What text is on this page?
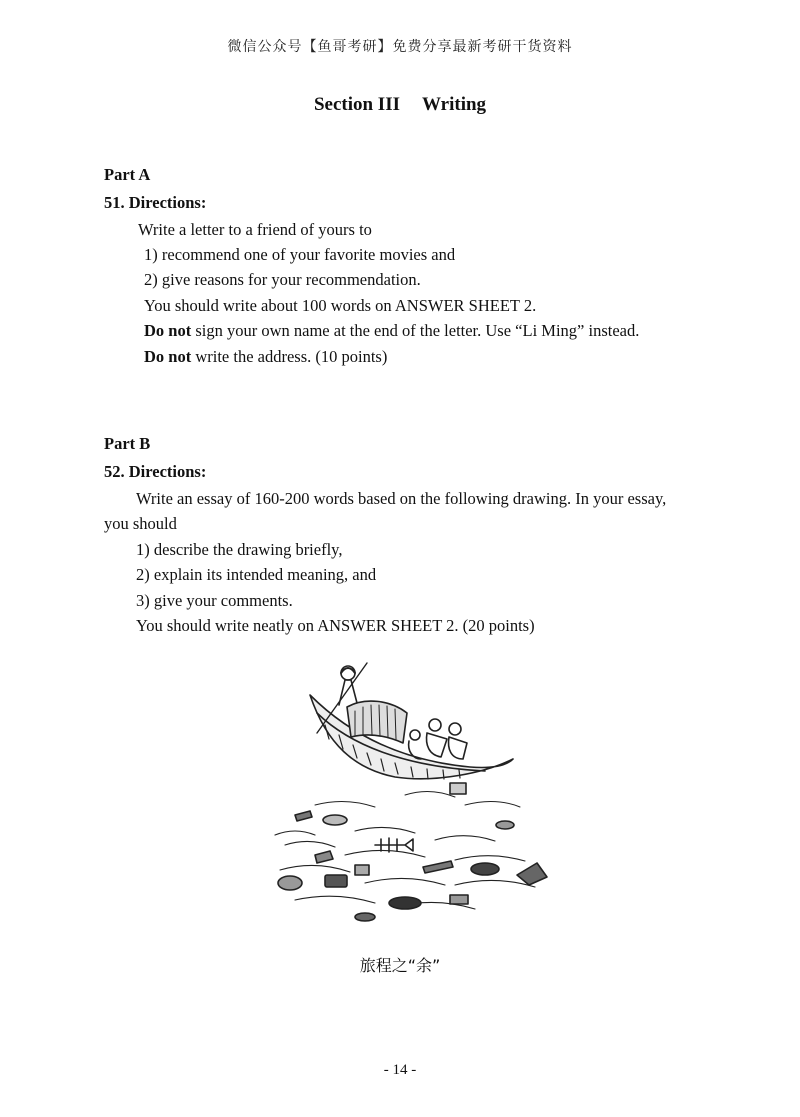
微信公众号【鱼哥考研】免费分享最新考研干货资料
Section III Writing
Part A
51. Directions:
Write a letter to a friend of yours to
1) recommend one of your favorite movies and
2) give reasons for your recommendation.
You should write about 100 words on ANSWER SHEET 2.
Do not sign your own name at the end of the letter. Use “Li Ming” instead.
Do not write the address. (10 points)
Part B
52. Directions:
Write an essay of 160-200 words based on the following drawing. In your essay,
you should
1) describe the drawing briefly,
2) explain its intended meaning, and
3) give your comments.
You should write neatly on ANSWER SHEET 2. (20 points)
旅程之“余”
- 14 -
